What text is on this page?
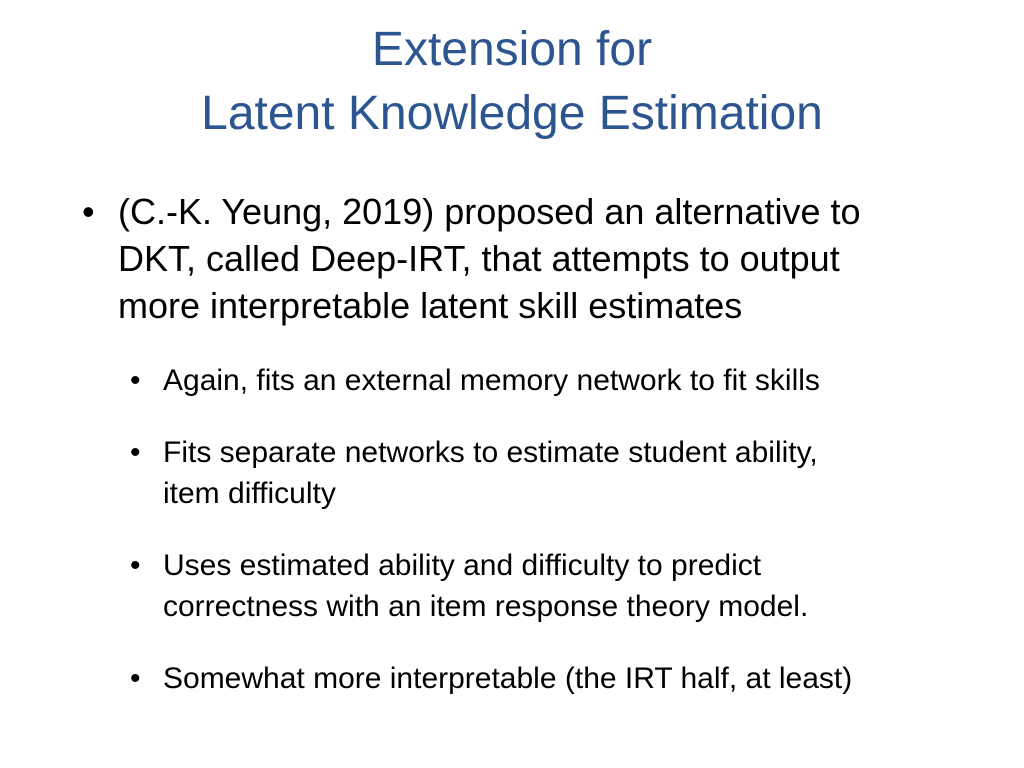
Extension for
Latent Knowledge Estimation
• (C.-K. Yeung, 2019) proposed an alternative to
DKT, called Deep-IRT, that attempts to output
more interpretable latent skill estimates
• Again, fits an external memory network to fit skills
• Fits separate networks to estimate student ability,
item difficulty
• Uses estimated ability and difficulty to predict
correctness with an item response theory model.
• Somewhat more interpretable (the IRT half, at least)
